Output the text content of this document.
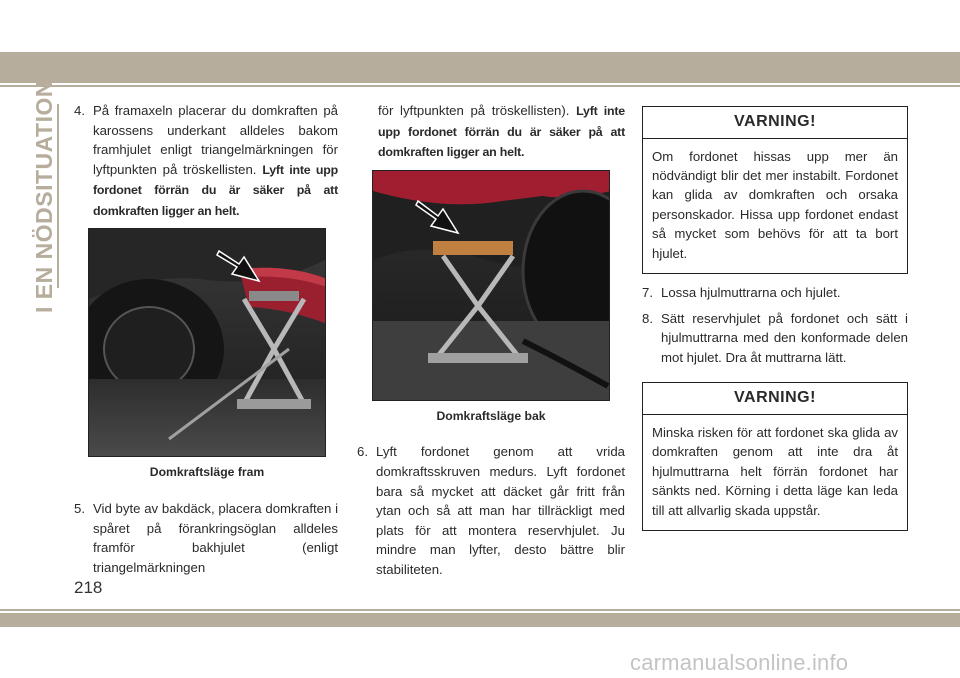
I EN NÖDSITUATION 4. På framaxeln placerar du domkraften på karossens underkant alldeles bakom framhjulet enligt triangelmärkningen för lyftpunkten på tröskellisten. Lyft inte upp fordonet förrän du är säker på att domkraften ligger an helt.

Domkraftsläge fram
5. Vid byte av bakdäck, placera domkraften i spåret på förankringsöglan alldeles framför bakhjulet (enligt triangelmärkningen

för lyftpunkten på tröskellisten). Lyft inte upp fordonet förrän du är säker på att domkraften ligger an helt.

Domkraftsläge bak
6. Lyft fordonet genom att vrida domkraftsskruven medurs. Lyft fordonet bara så mycket att däcket går fritt från ytan och så att man har tillräckligt med plats för att montera reservhjulet. Ju mindre man lyfter, desto bättre blir stabiliteten.

VARNING!
Om fordonet hissas upp mer än nödvändigt blir det mer instabilt. Fordonet kan glida av domkraften och orsaka personskador. Hissa upp fordonet endast så mycket som behövs för att ta bort hjulet.
7. Lossa hjulmuttrarna och hjulet.

8. Sätt reservhjulet på fordonet och sätt i hjulmuttrarna med den konformade delen mot hjulet. Dra åt muttrarna lätt.

VARNING!
Minska risken för att fordonet ska glida av domkraften genom att inte dra åt hjulmuttrarna helt förrän fordonet har sänkts ned. Körning i detta läge kan leda till att allvarlig skada uppstår.
218
carmanualsonline.info
